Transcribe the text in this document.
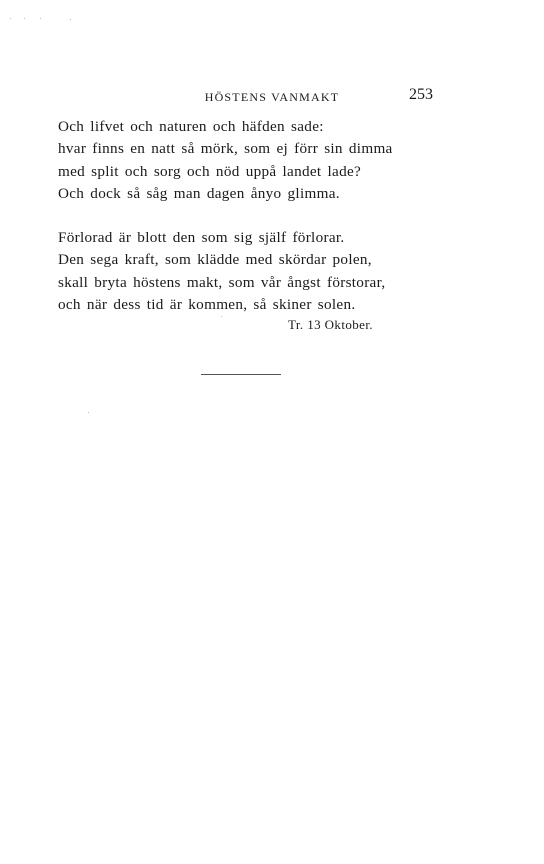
HÖSTENS VANMAKT	253
Och lifvet och naturen och häfden sade:
hvar finns en natt så mörk, som ej förr sin dimma
med split och sorg och nöd uppå landet lade?
Och dock så såg man dagen ånyo glimma.
Förlorad är blott den som sig själf förlorar.
Den sega kraft, som klädde med skördar polen,
skall bryta höstens makt, som vår ångst förstorar,
och när dess tid är kommen, så skiner solen.
Tr. 13 Oktober.
